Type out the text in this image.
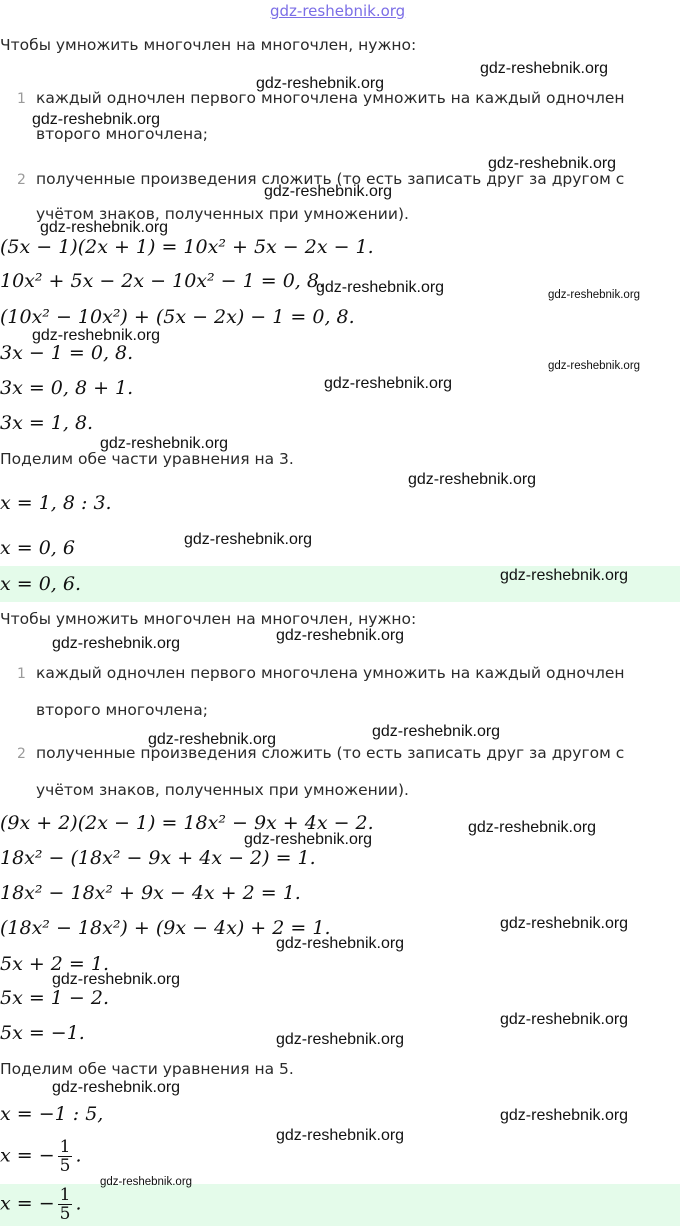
gdz-reshebnik.org
Чтобы умножить многочлен на многочлен, нужно:
1 каждый одночлен первого многочлена умножить на каждый одночлен
второго многочлена;
2 полученные произведения сложить (то есть записать друг за другом с
учётом знаков, полученных при умножении).
(5x − 1)(2x + 1) = 10x² + 5x − 2x − 1.
10x² + 5x − 2x − 10x² − 1 = 0, 8.
(10x² − 10x²) + (5x − 2x) − 1 = 0, 8.
3x − 1 = 0, 8.
3x = 0, 8 + 1.
3x = 1, 8.
Поделим обе части уравнения на 3.
x = 1, 8 : 3.
x = 0, 6
x = 0, 6.
Чтобы умножить многочлен на многочлен, нужно:
1 каждый одночлен первого многочлена умножить на каждый одночлен
второго многочлена;
2 полученные произведения сложить (то есть записать друг за другом с
учётом знаков, полученных при умножении).
(9x + 2)(2x − 1) = 18x² − 9x + 4x − 2.
18x² − (18x² − 9x + 4x − 2) = 1.
18x² − 18x² + 9x − 4x + 2 = 1.
(18x² − 18x²) + (9x − 4x) + 2 = 1.
5x + 2 = 1.
5x = 1 − 2.
5x = −1.
Поделим обе части уравнения на 5.
x = −1 : 5,
x = − $\frac{1}{5}$ .
x = − $\frac{1}{5}$ .
gdz-reshebnik.org
gdz-reshebnik.org
gdz-reshebnik.org
gdz-reshebnik.org
gdz-reshebnik.org
gdz-reshebnik.org
gdz-reshebnik.org	gdz-reshebnik.org
gdz-reshebnik.org
gdz-reshebnik.org
gdz-reshebnik.org
gdz-reshebnik.org
gdz-reshebnik.org
gdz-reshebnik.org
gdz-reshebnik.org
gdz-reshebnik.org
gdz-reshebnik.org
gdz-reshebnik.org
gdz-reshebnik.org
gdz-reshebnik.org
gdz-reshebnik.org
gdz-reshebnik.org
gdz-reshebnik.org
gdz-reshebnik.org
gdz-reshebnik.org
gdz-reshebnik.org
gdz-reshebnik.org
gdz-reshebnik.org
gdz-reshebnik.org
gdz-reshebnik.org
